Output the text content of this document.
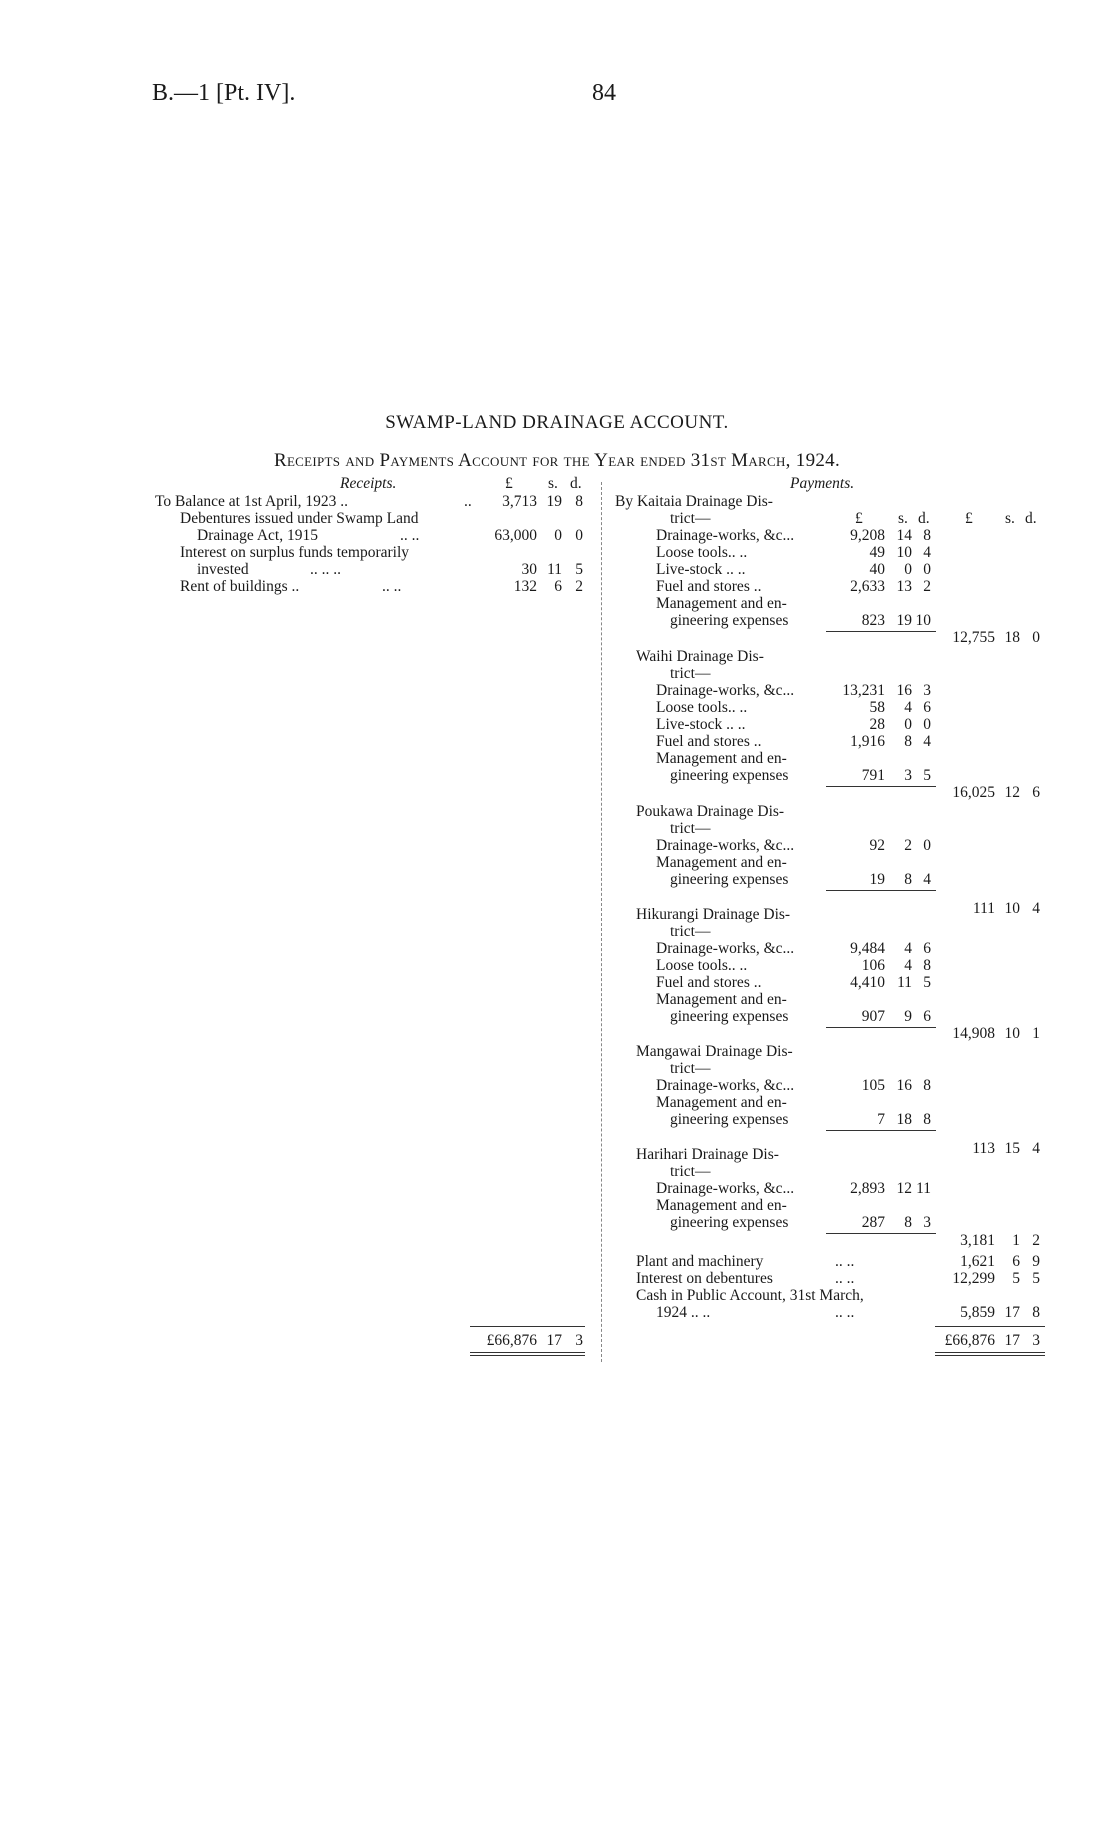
B.—1 [Pt. IV].	84
SWAMP-LAND DRAINAGE ACCOUNT.
Receipts and Payments Account for the Year ended 31st March, 1924.
Receipts.	£ s. d.
To Balance at 1st April, 1923 ..	..	3,713 19 8
Debentures issued under Swamp Land
Drainage Act, 1915	.. ..	63,000	0 0
Interest on surplus funds temporarily
invested	.. .. ..	30 11 5
Rent of buildings ..	.. ..	132	6 2
£66,876 17 3
Payments.
£ s. d. £ s. d.
By Kaitaia Drainage Dis-
trict—
Drainage-works, &c...	9,208 14 8
Loose tools.. ..	49 10 4
Live-stock .. ..	40	0 0
Fuel and stores ..	2,633 13 2
Management and en-
gineering expenses	823 19 10
12,755 18 0
Waihi Drainage Dis-
trict—
Drainage-works, &c...	13,231 16 3
Loose tools.. ..	58	4 6
Live-stock .. ..	28	0 0
Fuel and stores ..	1,916	8 4
Management and en-
gineering expenses	791	3 5
16,025 12 6
Poukawa Drainage Dis-
trict—
Drainage-works, &c...	92	2 0
Management and en-
gineering expenses	19	8 4
111 10 4
Hikurangi Drainage Dis-
trict—
Drainage-works, &c...	9,484	4 6
Loose tools.. ..	106	4 8
Fuel and stores ..	4,410 11 5
Management and en-
gineering expenses	907	9 6
14,908 10 1
Mangawai Drainage Dis-
trict—
Drainage-works, &c...	105 16 8
Management and en-
gineering expenses	7 18 8
113 15 4
Harihari Drainage Dis-
trict—
Drainage-works, &c...	2,893 12 11
Management and en-
gineering expenses	287	8 3
3,181	1 2
Plant and machinery	.. ..	1,621	6 9
Interest on debentures	.. ..	12,299	5 5
Cash in Public Account, 31st March,
1924 .. ..	.. ..	5,859 17 8
£66,876 17 3
